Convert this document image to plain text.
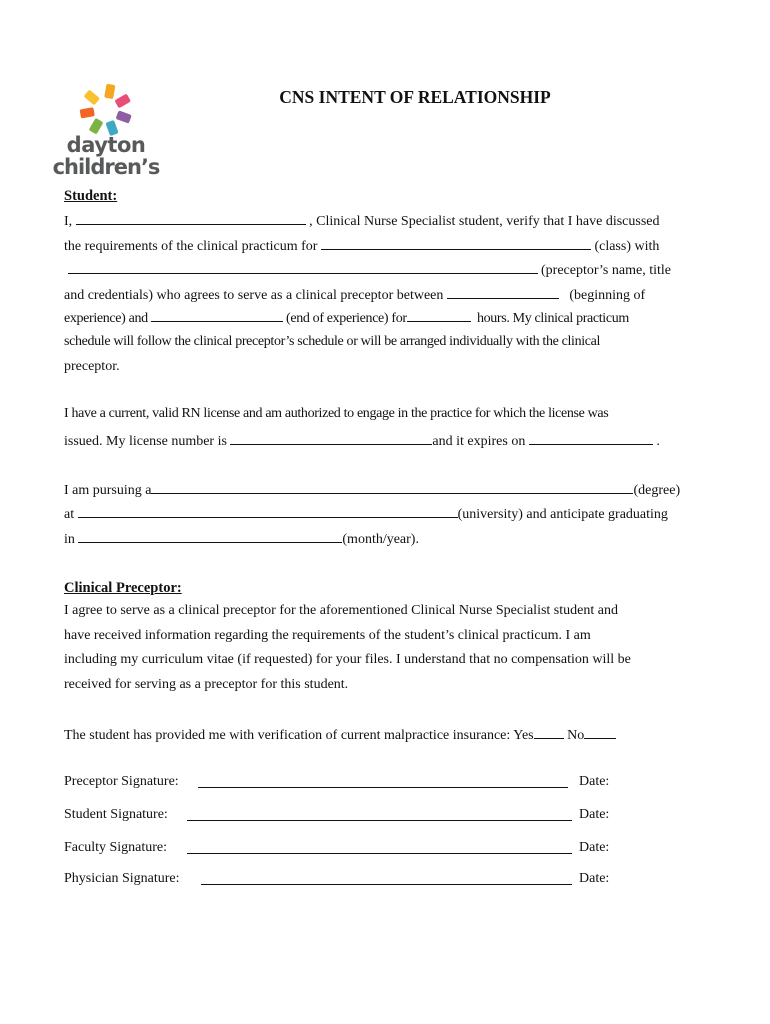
dayton
children’s
CNS INTENT OF RELATIONSHIP
Student:
I,	, Clinical Nurse Specialist student, verify that I have discussed
the requirements of the clinical practicum for	(class) with
(preceptor’s name, title
and credentials) who agrees to serve as a clinical preceptor between	(beginning of
experience) and	(end of experience) for	hours. My clinical practicum
schedule will follow the clinical preceptor’s schedule or will be arranged individually with the clinical
preceptor.
I have a current, valid RN license and am authorized to engage in the practice for which the license was
issued. My license number is	and it expires on	.
I am pursuing a	(degree)
at	(university) and anticipate graduating
in	(month/year).
Clinical Preceptor:
I agree to serve as a clinical preceptor for the aforementioned Clinical Nurse Specialist student and
have received information regarding the requirements of the student’s clinical practicum. I am
including my curriculum vitae (if requested) for your files. I understand that no compensation will be
received for serving as a preceptor for this student.
The student has provided me with verification of current malpractice insurance: Yes No
Preceptor Signature:	Date:
Student Signature:	Date:
Faculty Signature:	Date:
Physician Signature:	Date:
